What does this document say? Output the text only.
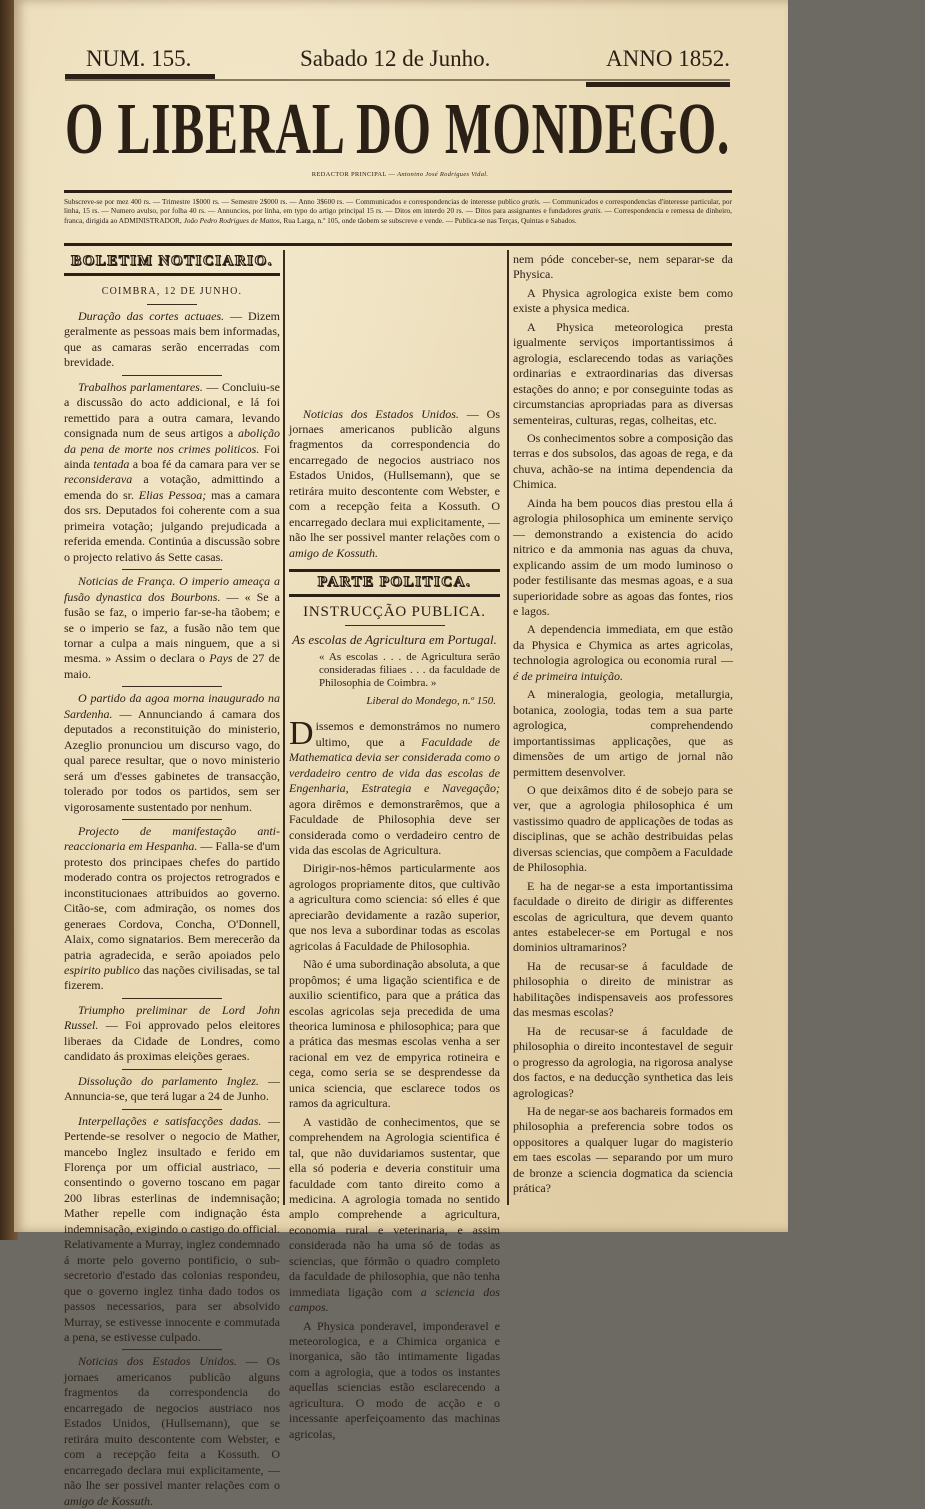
NUM. 155.	Sabado 12 de Junho.	ANNO 1852.
O LIBERAL DO MONDEGO.
REDACTOR PRINCIPAL — Antonino José Rodrigues Vidal.
Subscreve-se por mez 400 rs. — Trimestre 1$000 rs. — Semestre 2$000 rs. — Anno 3$600 rs. — Communicados e correspondencias de interesse publico gratis. — Communicados e correspondencias d'interesse particular, por linha, 15 rs. — Numero avulso, por folha 40 rs. — Annuncios, por linha, em typo do artigo principal 15 rs. — Ditos em interdo 20 rs. — Ditos para assignantes e fundadores gratis. — Correspondencia e remessa de dinheiro, franca, dirigida ao ADMINISTRADOR, João Pedro Rodrigues de Mattos, Rua Larga, n.º 105, onde tãobem se subscreve e vende. — Publica-se nas Terças, Quintas e Sabados.
BOLETIM NOTICIARIO.
COIMBRA, 12 DE JUNHO.

Duração das cortes actuaes. — Dizem geralmente as pessoas mais bem informadas, que as camaras serão encerradas com brevidade.

Trabalhos parlamentares. — Concluiu-se a discussão do acto addicional, e lá foi remettido para a outra camara, levando consignada num de seus artigos a abolição da pena de morte nos crimes politicos. Foi ainda tentada a boa fé da camara para ver se reconsiderava a votação, admittindo a emenda do sr. Elias Pessoa; mas a camara dos srs. Deputados foi coherente com a sua primeira votação; julgando prejudicada a referida emenda. Continúa a discussão sobre o projecto relativo ás Sette casas.

Noticias de França. O imperio ameaça a fusão dynastica dos Bourbons. — « Se a fusão se faz, o imperio far-se-ha tãobem; e se o imperio se faz, a fusão não tem que tornar a culpa a mais ninguem, que a si mesma. » Assim o declara o Pays de 27 de maio.

O partido da agoa morna inaugurado na Sardenha. — Annunciando á camara dos deputados a reconstituição do ministerio, Azeglio pronunciou um discurso vago, do qual parece resultar, que o novo ministerio será um d'esses gabinetes de transacção, tolerado por todos os partidos, sem ser vigorosamente sustentado por nenhum.

Projecto de manifestação anti-reaccionaria em Hespanha. — Falla-se d'um protesto dos principaes chefes do partido moderado contra os projectos retrogrados e inconstitucionaes attribuidos ao governo. Citão-se, com admiração, os nomes dos generaes Cordova, Concha, O'Donnell, Alaix, como signatarios. Bem merecerão da patria agradecida, e serão apoiados pelo espirito publico das nações civilisadas, se tal fizerem.

Triumpho preliminar de Lord John Russel. — Foi approvado pelos eleitores liberaes da Cidade de Londres, como candidato ás proximas eleições geraes.

Dissolução do parlamento Inglez. — Annuncia-se, que terá lugar a 24 de Junho.

Interpellações e satisfacções dadas. — Pertende-se resolver o negocio de Mather, mancebo Inglez insultado e ferido em Florença por um official austriaco, — consentindo o governo toscano em pagar 200 libras esterlinas de indemnisação; Mather repelle com indignação ésta indemnisação, exigindo o castigo do official. Relativamente a Murray, inglez condemnado á morte pelo governo pontificio, o sub-secretorio d'estado das colonias respondeu, que o governo inglez tinha dado todos os passos necessarios, para ser absolvido Murray, se estivesse innocente e commutada a pena, se estivesse culpado.

Noticias dos Estados Unidos. — Os jornaes americanos publicão alguns fragmentos da correspondencia do encarregado de negocios austriaco nos Estados Unidos, (Hullsemann), que se retirára muito descontente com Webster, e com a recepção feita a Kossuth. O encarregado declara mui explicitamente, — não lhe ser possivel manter relações com o amigo de Kossuth.

Noticias dos Estados Unidos. — Os jornaes americanos publicão alguns fragmentos da correspondencia do encarregado de negocios austriaco nos Estados Unidos, (Hullsemann), que se retirára muito descontente com Webster, e com a recepção feita a Kossuth. O encarregado declara mui explicitamente, — não lhe ser possivel manter relações com o amigo de Kossuth.

PARTE POLITICA.
INSTRUCÇÃO PUBLICA.
As escolas de Agricultura em Portugal.
« As escolas . . . de Agricultura serão consideradas filiaes . . . da faculdade de Philosophia de Coimbra. »
Liberal do Mondego, n.º 150.

Dissemos e demonstrámos no numero ultimo, que a Faculdade de Mathematica devia ser considerada como o verdadeiro centro de vida das escolas de Engenharia, Estrategia e Navegação; agora dirêmos e demonstrarêmos, que a Faculdade de Philosophia deve ser considerada como o verdadeiro centro de vida das escolas de Agricultura.

Dirigir-nos-hêmos particularmente aos agrologos propriamente ditos, que cultivão a agricultura como sciencia: só elles é que apreciarão devidamente a razão superior, que nos leva a subordinar todas as escolas agricolas á Faculdade de Philosophia.

Não é uma subordinação absoluta, a que propômos; é uma ligação scientifica e de auxilio scientifico, para que a prática das escolas agricolas seja precedida de uma theorica luminosa e philosophica; para que a prática das mesmas escolas venha a ser racional em vez de empyrica rotineira e cega, como seria se se desprendesse da unica sciencia, que esclarece todos os ramos da agricultura.

A vastidão de conhecimentos, que se comprehendem na Agrologia scientifica é tal, que não duvidariamos sustentar, que ella só poderia e deveria constituir uma faculdade com tanto direito como a medicina. A agrologia tomada no sentido amplo comprehende a agricultura, economia rural e veterinaria, e assim considerada não ha uma só de todas as sciencias, que fórmão o quadro completo da faculdade de philosophia, que não tenha immediata ligação com a sciencia dos campos.

A Physica ponderavel, imponderavel e meteorologica, e a Chimica organica e inorganica, são tão intimamente ligadas com a agrologia, que a todos os instantes aquellas sciencias estão esclarecendo a agricultura. O modo de acção e o incessante aperfeiçoamento das machinas agricolas,

nem póde conceber-se, nem separar-se da Physica.

A Physica agrologica existe bem como existe a physica medica.

A Physica meteorologica presta igualmente serviços importantissimos á agrologia, esclarecendo todas as variações ordinarias e extraordinarias das diversas estações do anno; e por conseguinte todas as circumstancias apropriadas para as diversas sementeiras, culturas, regas, colheitas, etc.

Os conhecimentos sobre a composição das terras e dos subsolos, das agoas de rega, e da chuva, achão-se na intima dependencia da Chimica.

Ainda ha bem poucos dias prestou ella á agrologia philosophica um eminente serviço — demonstrando a existencia do acido nitrico e da ammonia nas aguas da chuva, explicando assim de um modo luminoso o poder festilisante das mesmas agoas, e a sua superioridade sobre as agoas das fontes, rios e lagos.

A dependencia immediata, em que estão da Physica e Chymica as artes agricolas, technologia agrologica ou economia rural — é de primeira intuição.

A mineralogia, geologia, metallurgia, botanica, zoologia, todas tem a sua parte agrologica, comprehendendo importantissimas applicações, que as dimensões de um artigo de jornal não permittem desenvolver.

O que deixâmos dito é de sobejo para se ver, que a agrologia philosophica é um vastissimo quadro de applicações de todas as disciplinas, que se achão destribuidas pelas diversas sciencias, que compõem a Faculdade de Philosophia.

E ha de negar-se a esta importantissima faculdade o direito de dirigir as differentes escolas de agricultura, que devem quanto antes estabelecer-se em Portugal e nos dominios ultramarinos?

Ha de recusar-se á faculdade de philosophia o direito de ministrar as habilitações indispensaveis aos professores das mesmas escolas?

Ha de recusar-se á faculdade de philosophia o direito incontestavel de seguir o progresso da agrologia, na rigorosa analyse dos factos, e na deducção synthetica das leis agrologicas?

Ha de negar-se aos bachareis formados em philosophia a preferencia sobre todos os oppositores a qualquer lugar do magisterio em taes escolas — separando por um muro de bronze a sciencia dogmatica da sciencia prática?
